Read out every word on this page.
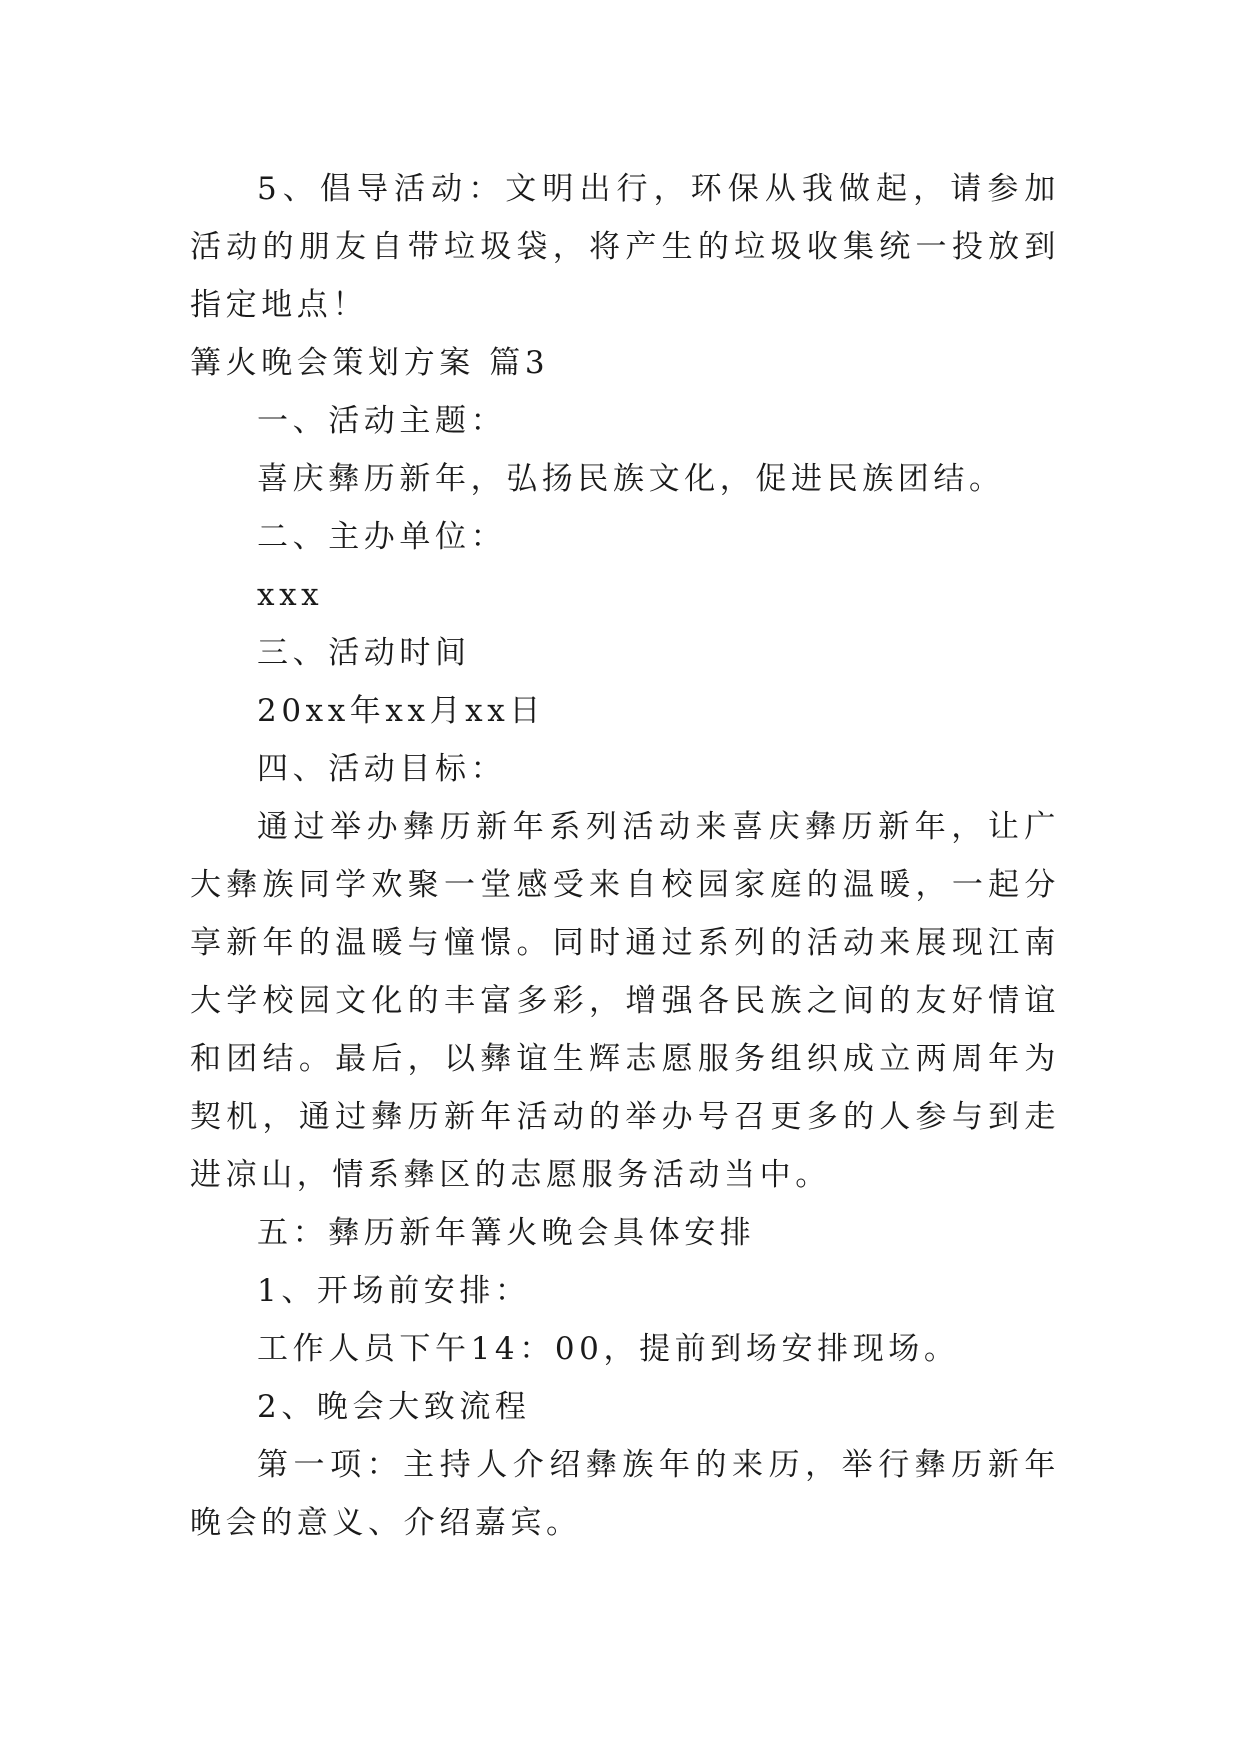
5、倡导活动：文明出行，环保从我做起，请参加活动的朋友自带垃圾袋，将产生的垃圾收集统一投放到指定地点！

篝火晚会策划方案 篇3

一、活动主题：

喜庆彝历新年，弘扬民族文化，促进民族团结。

二、主办单位：

xxx

三、活动时间

20xx年xx月xx日

四、活动目标：

通过举办彝历新年系列活动来喜庆彝历新年，让广大彝族同学欢聚一堂感受来自校园家庭的温暖，一起分享新年的温暖与憧憬。同时通过系列的活动来展现江南大学校园文化的丰富多彩，增强各民族之间的友好情谊和团结。最后，以彝谊生辉志愿服务组织成立两周年为契机，通过彝历新年活动的举办号召更多的人参与到走进凉山，情系彝区的志愿服务活动当中。

五：彝历新年篝火晚会具体安排

1、开场前安排：

工作人员下午14：00，提前到场安排现场。

2、晚会大致流程

第一项：主持人介绍彝族年的来历，举行彝历新年晚会的意义、介绍嘉宾。
